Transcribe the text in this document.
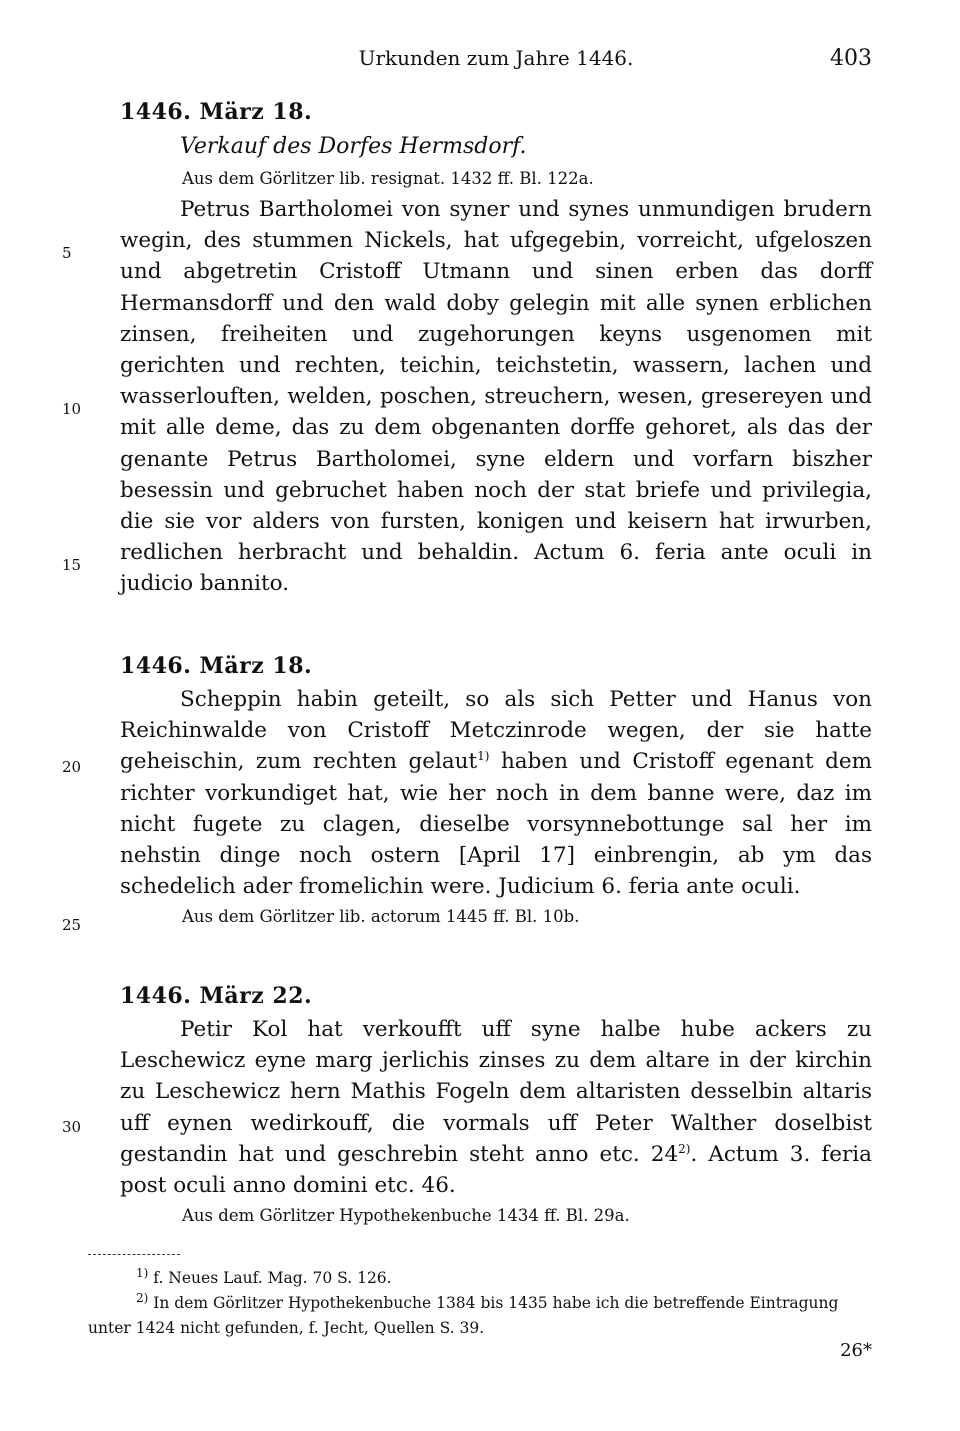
Urkunden zum Jahre 1446.	403

1446. März 18.

Verkauf des Dorfes Hermsdorf.

Aus dem Görlitzer lib. resignat. 1432 ff. Bl. 122a.

Petrus Bartholomei von syner und synes unmundigen brudern wegin, des stummen Nickels, hat ufgegebin, vorreicht, ufgeloszen und abgetretin Cristoff Utmann und sinen erben das dorff Hermansdorff und den wald doby gelegin mit alle synen erblichen zinsen, freiheiten und zugehorungen keyns usgenomen mit gerichten und rechten, teichin, teichstetin, wassern, lachen und wasserlouften, welden, poschen, streuchern, wesen, gresereyen und mit alle deme, das zu dem obgenanten dorffe gehoret, als das der genante Petrus Bartholomei, syne eldern und vorfarn biszher besessin und gebruchet haben noch der stat briefe und privilegia, die sie vor alders von fursten, konigen und keisern hat irwurben, redlichen herbracht und behaldin. Actum 6. feria ante oculi in judicio bannito.

1446. März 18.

Scheppin habin geteilt, so als sich Petter und Hanus von Reichinwalde von Cristoff Metczinrode wegen, der sie hatte geheischin, zum rechten gelaut$^{1)}$ haben und Cristoff egenant dem richter vorkundiget hat, wie her noch in dem banne were, daz im nicht fugete zu clagen, dieselbe vorsynnebottunge sal her im nehstin dinge noch ostern [April 17] einbrengin, ab ym das schedelich ader fromelichin were. Judicium 6. feria ante oculi.

Aus dem Görlitzer lib. actorum 1445 ff. Bl. 10b.

1446. März 22.

Petir Kol hat verkoufft uff syne halbe hube ackers zu Leschewicz eyne marg jerlichis zinses zu dem altare in der kirchin zu Leschewicz hern Mathis Fogeln dem altaristen desselbin altaris uff eynen wedirkouff, die vormals uff Peter Walther doselbist gestandin hat und geschrebin steht anno etc. 24$^{2)}$. Actum 3. feria post oculi anno domini etc. 46.

Aus dem Görlitzer Hypothekenbuche 1434 ff. Bl. 29a.

5
10
15
20
25
30

$^{1)}$ f. Neues Lauf. Mag. 70 S. 126.

$^{2)}$ In dem Görlitzer Hypothekenbuche 1384 bis 1435 habe ich die betreffende Eintragung unter 1424 nicht gefunden, f. Jecht, Quellen S. 39.

26*
